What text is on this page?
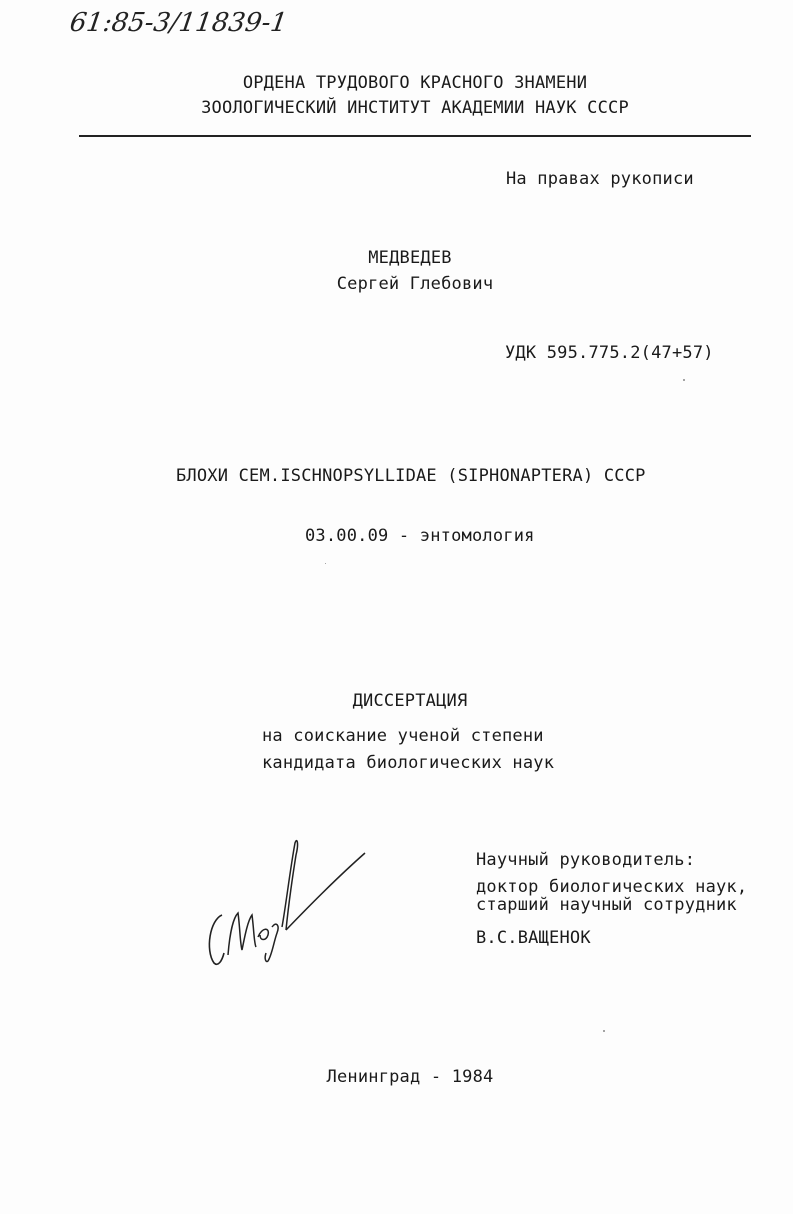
61:85-3/11839-1
ОРДЕНА ТРУДОВОГО КРАСНОГО ЗНАМЕНИ
ЗООЛОГИЧЕСКИЙ ИНСТИТУТ АКАДЕМИИ НАУК СССР
На правах рукописи
МЕДВЕДЕВ
Сергей Глебович
УДК 595.775.2(47+57)
БЛОХИ СЕМ.ISCHNOPSYLLIDAE (SIPHONAPTERA) СССР
03.00.09 - энтомология
ДИССЕРТАЦИЯ
на соискание ученой степени
кандидата биологических наук
Научный руководитель:
доктор биологических наук,
старший научный сотрудник
В.С.ВАЩЕНОК
Ленинград - 1984
